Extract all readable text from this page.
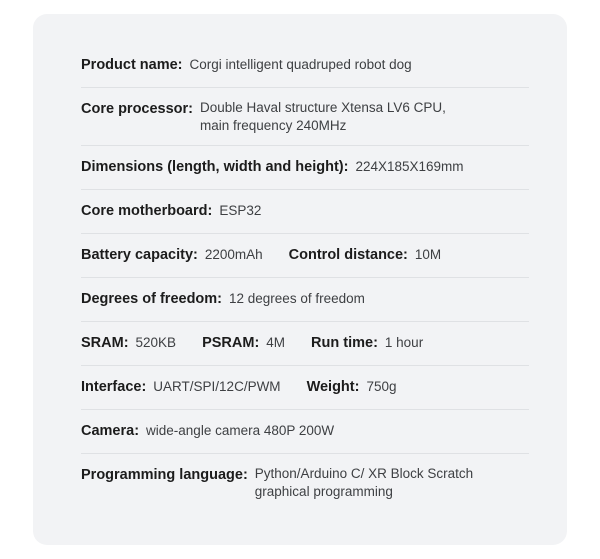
Product name: Corgi intelligent quadruped robot dog
Core processor: Double Haval structure Xtensa LV6 CPU,
main frequency 240MHz
Dimensions (length, width and height): 224X185X169mm
Core motherboard: ESP32
Battery capacity: 2200mAh Control distance: 10M
Degrees of freedom: 12 degrees of freedom
SRAM: 520KB PSRAM: 4M Run time: 1 hour
Interface: UART/SPI/12C/PWM Weight: 750g
Camera: wide-angle camera 480P 200W
Programming language: Python/Arduino C/ XR Block Scratch
graphical programming
